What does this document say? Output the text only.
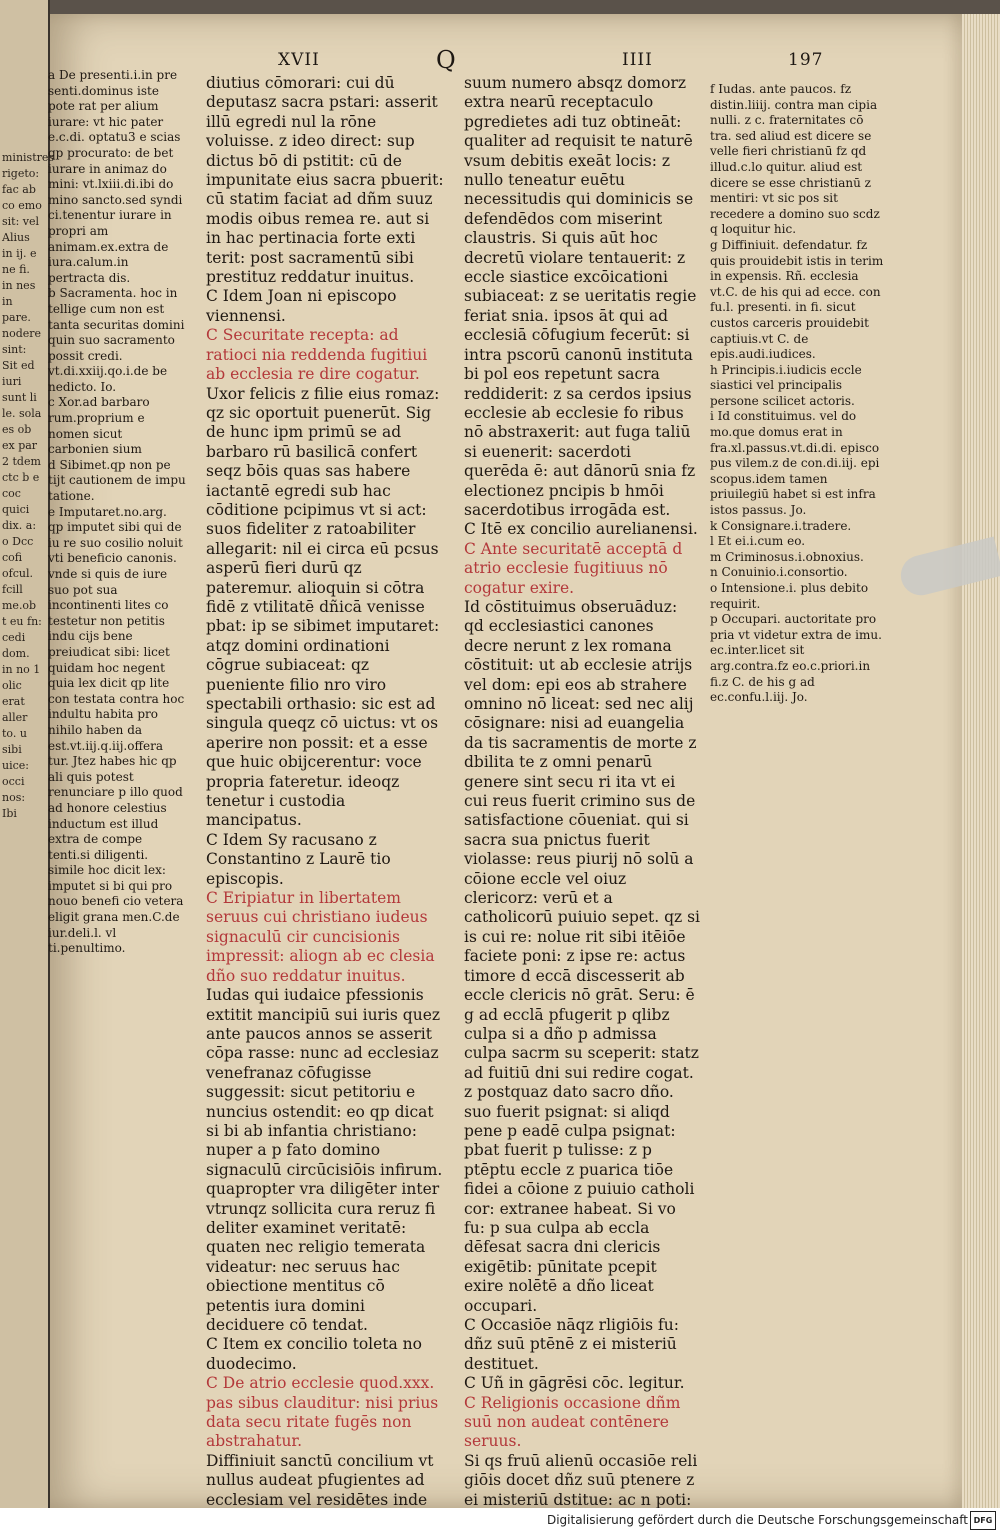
ministres rigeto: fac ab co emo sit: vel Alius in ij. e ne fi. in nes in pare. nodere sint: Sit ed iuri sunt li le. sola es ob ex par 2 tdem ctc b e coc quici dix. a: o Dcc cofi ofcul. fcill me.ob t eu fn: cedi dom. in no 1 olic erat aller to. u sibi uice: occi nos: Ibi
XVII	Q	IIII	197

a De presenti.i.in pre senti.dominus iste pote rat per alium iurare: vt hic pater e.c.di. optatu3 e scias qp procurato: de bet iurare in animaz do mini: vt.lxiii.di.ibi do mino sancto.sed syndi ci.tenentur iurare in propri am animam.ex.extra de iura.calum.in pertracta dis.

b Sacramenta. hoc in tellige cum non est tanta securitas domini quin suo sacramento possit credi. vt.di.xxiij.qo.i.de be nedicto. Io.

c Xor.ad barbaro rum.proprium e nomen sicut carbonien sium

d Sibimet.qp non pe tijt cautionem de impu tatione.

e Imputaret.no.arg. qp imputet sibi qui de iu re suo cosilio noluit vti beneficio canonis. vnde si quis de iure suo pot sua incontinenti lites co testetur non petitis indu cijs bene preiudicat sibi: licet quidam hoc negent quia lex dicit qp lite con testata contra hoc indultu habita pro nihilo haben da est.vt.iij.q.iij.offera tur. Jtez habes hic qp ali quis potest renunciare p illo quod ad honore celestius inductum est illud extra de compe tenti.si diligenti. simile hoc dicit lex: imputet si bi qui pro nouo benefi cio vetera eligit grana men.C.de iur.deli.l. vl ti.penultimo.

diutius cōmorari: cui dū deputasz sacra pstari: asserit illū egredi nul la rōne voluisse. z ideo direct: sup dictus bō di pstitit: cū de impunitate eius sacra pbuerit: cū statim faciat ad dñm suuz modis oibus remea re. aut si in hac pertinacia forte exti terit: post sacramentū sibi prestituz reddatur inuitus.

C Idem Joan ni episcopo viennensi.

C Securitate recepta: ad ratioci nia reddenda fugitiui ab ecclesia re dire cogatur.

Uxor felicis z filie eius romaz: qz sic oportuit puenerūt. Sig de hunc ipm primū se ad barbaro rū basilicā confert seqz bōis quas sas habere iactantē egredi sub hac cōditione pcipimus vt si act: suos fideliter z ratoabiliter allegarit: nil ei circa eū pcsus asperū fieri durū qz pateremur. alioquin si cōtra fidē z vtilitatē dñicā venisse pbat: ip se sibimet imputaret: atqz domini ordinationi cōgrue subiaceat: qz pueniente filio nro viro spectabili orthasio: sic est ad singula queqz cō uictus: vt os aperire non possit: et a esse que huic obijcerentur: voce propria fateretur. ideoqz tenetur i custodia mancipatus.

C Idem Sy racusano z Constantino z Laurē tio episcopis.

C Eripiatur in libertatem seruus cui christiano iudeus signaculū cir cuncisionis impressit: aliogn ab ec clesia dño suo reddatur inuitus.

Iudas qui iudaice pfessionis extitit mancipiū sui iuris quez ante paucos annos se asserit cōpa rasse: nunc ad ecclesiaz venefranaz cōfugisse suggessit: sicut petitoriu e nuncius ostendit: eo qp dicat si bi ab infantia christiano: nuper a p fato domino signaculū circūcisiōis infirum. quapropter vra diligēter inter vtrunqz sollicita cura reruz fi deliter examinet veritatē: quaten nec religio temerata videatur: nec seruus hac obiectione mentitus cō petentis iura domini deciduere cō tendat.

C Item ex concilio toleta no duodecimo.

C De atrio ecclesie quod.xxx. pas sibus clauditur: nisi prius data secu ritate fugēs non abstrahatur.

Diffiniuit sanctū concilium vt nullus audeat pfugientes ad ecclesiam vel residētes inde

suum numero absqz domorz extra nearū receptaculo pgredietes adi tuz obtineāt: qualiter ad requisit te naturē vsum debitis exeāt locis: z nullo teneatur euētu necessitudis qui dominicis se defendēdos com miserint claustris. Si quis aūt hoc decretū violare tentauerit: z eccle siastice excōicationi subiaceat: z se ueritatis regie feriat snia. ipsos āt qui ad ecclesiā cōfugium fecerūt: si intra pscorū canonū instituta bi pol eos repetunt sacra reddiderit: z sa cerdos ipsius ecclesie ab ecclesie fo ribus nō abstraxerit: aut fuga taliū si euenerit: sacerdoti querēda ē: aut dānorū snia fz electionez pncipis b hmōi sacerdotibus irrogāda est.

C Itē ex concilio aurelianensi.

C Ante securitatē acceptā d atrio ecclesie fugitiuus nō cogatur exire.

Id cōstituimus obseruāduz: qd ecclesiastici canones decre nerunt z lex romana cōstituit: ut ab ecclesie atrijs vel dom: epi eos ab strahere omnino nō liceat: sed nec alij cōsignare: nisi ad euangelia da tis sacramentis de morte z dbilita te z omni penarū genere sint secu ri ita vt ei cui reus fuerit crimino sus de satisfactione cōueniat. qui si sacra sua pnictus fuerit violasse: reus piurij nō solū a cōione eccle vel oiuz clericorz: verū et a catholicorū puiuio sepet. qz si is cui re: nolue rit sibi itēiōe faciete poni: z ipse re: actus timore d eccā discesserit ab eccle clericis nō grāt. Seru: ē g ad ecclā pfugerit p qlibz culpa si a dño p admissa culpa sacrm su sceperit: statz ad fuitiū dni sui redire cogat. z postquaz dato sacro dño. suo fuerit psignat: si aliqd pene p eadē culpa psignat: pbat fuerit p tulisse: z p ptēptu eccle z puarica tiōe fidei a cōione z puiuio catholi cor: extranee habeat. Si vo fu: p sua culpa ab eccla dēfesat sacra dni clericis exigētib: pūnitate pcepit exire nolētē a dño liceat occupari.

C Occasiōe nāqz rligiōis fu: dñz suū ptēnē z ei misteriū destituet.

C Uñ in gāgrēsi cōc. legitur.

C Religionis occasione dñm suū non audeat contēnere seruus.

Si qs fruū alienū occasiōe reli giōis docet dñz suū ptenere z ei misteriū dstitue: ac n poti:

f Iudas. ante paucos. fz distin.liiij. contra man cipia nulli. z c. fraternitates cō tra. sed aliud est dicere se velle fieri christianū fz qd illud.c.lo quitur. aliud est dicere se esse christianū z mentiri: vt sic pos sit recedere a domino suo scdz q loquitur hic.

g Diffiniuit. defendatur. fz quis prouidebit istis in terim in expensis. Rñ. ecclesia vt.C. de his qui ad ecce. con fu.l. presenti. in fi. sicut custos carceris prouidebit captiuis.vt C. de epis.audi.iudices.

h Principis.i.iudicis eccle siastici vel principalis persone scilicet actoris.

i Id constituimus. vel do mo.que domus erat in fra.xl.passus.vt.di.di. episco pus vilem.z de con.di.iij. epi scopus.idem tamen priuilegiū habet si est infra istos passus. Jo.

k Consignare.i.tradere.

l Et ei.i.cum eo.

m Criminosus.i.obnoxius.

n Conuinio.i.consortio.

o Intensione.i. plus debito requirit.

p Occupari. auctoritate pro pria vt videtur extra de imu. ec.inter.licet sit arg.contra.fz eo.c.priori.in fi.z C. de his g ad ec.confu.l.iij. Jo.

Digitalisierung gefördert durch die Deutsche Forschungsgemeinschaft DFG
